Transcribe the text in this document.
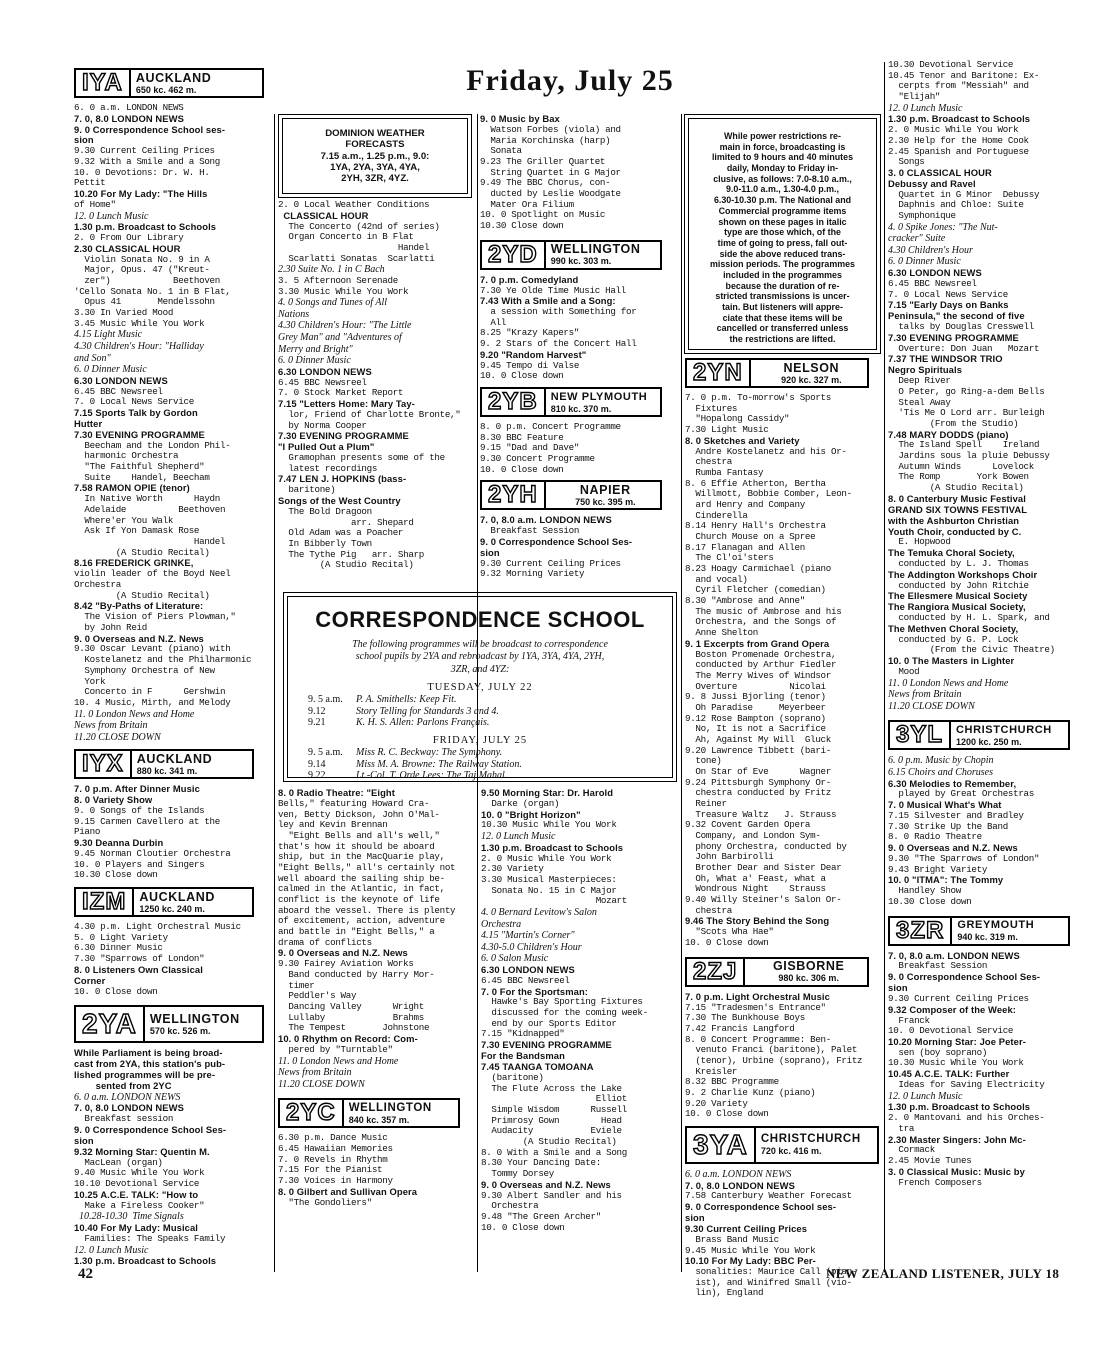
Friday, July 25
IYA	AUCKLAND
650 kc. 462 m.
6. 0 a.m. LONDON NEWS
7. 0, 8.0 LONDON NEWS
9. 0 Correspondence School ses-
sion
9.30 Current Ceiling Prices
9.32 With a Smile and a Song
10. 0 Devotions: Dr. W. H.
Pettit
10.20 For My Lady: "The Hills
of Home"
12. 0 Lunch Music
1.30 p.m. Broadcast to Schools
2. 0 From Our Library
2.30 CLASSICAL HOUR
Violin Sonata No. 9 in A
Major, Opus. 47 ("Kreut-
zer")            Beethoven
'Cello Sonata No. 1 in B Flat,
Opus 41       Mendelssohn
3.30 In Varied Mood
3.45 Music While You Work
4.15 Light Music
4.30 Children's Hour: "Halliday
and Son"
6. 0 Dinner Music
6.30 LONDON NEWS
6.45 BBC Newsreel
7. 0 Local News Service
7.15 Sports Talk by Gordon
Hutter
7.30 EVENING PROGRAMME
Beecham and the London Phil-
harmonic Orchestra
"The Faithful Shepherd"
Suite    Handel, Beecham
7.58 RAMON OPIE (tenor)
In Native Worth      Haydn
Adelaide          Beethoven
Where'er You Walk
Ask If Yon Damask Rose
Handel
(A Studio Recital)
8.16 FREDERICK GRINKE,
violin leader of the Boyd Neel
Orchestra
(A Studio Recital)
8.42 "By-Paths of Literature:
The Vision of Piers Plowman,"
by John Reid
9. 0 Overseas and N.Z. News
9.30 Oscar Levant (piano) with
Kostelanetz and the Philharmonic
Symphony Orchestra of New
York
Concerto in F      Gershwin
10. 4 Music, Mirth, and Melody
11. 0 London News and Home
News from Britain
11.20 CLOSE DOWN
IYX	AUCKLAND
880 kc. 341 m.
7. 0 p.m. After Dinner Music
8. 0 Variety Show
9. 0 Songs of the Islands
9.15 Carmen Cavellero at the
Piano
9.30 Deanna Durbin
9.45 Norman Cloutier Orchestra
10. 0 Players and Singers
10.30 Close down
IZM	AUCKLAND
1250 kc. 240 m.
4.30 p.m. Light Orchestral Music
5. 0 Light Variety
6.30 Dinner Music
7.30 "Sparrows of London"
8. 0 Listeners Own Classical
Corner
10. 0 Close down
2YA	WELLINGTON
570 kc. 526 m.
While Parliament is being broad-
cast from 2YA, this station's pub-
lished programmes will be pre-
sented from 2YC
6. 0 a.m. LONDON NEWS
7. 0, 8.0 LONDON NEWS
Breakfast session
9. 0 Correspondence School Ses-
sion
9.32 Morning Star: Quentin M.
MacLean (organ)
9.40 Music While You Work
10.10 Devotional Service
10.25 A.C.E. TALK: "How to
Make a Fireless Cooker"
10.28-10.30  Time Signals
10.40 For My Lady: Musical
Families: The Speaks Family
12. 0 Lunch Music
1.30 p.m. Broadcast to Schools
DOMINION WEATHER
FORECASTS
7.15 a.m., 1.25 p.m., 9.0:
1YA, 2YA, 3YA, 4YA,
2YH, 3ZR, 4YZ.
2. 0 Local Weather Conditions
CLASSICAL HOUR
The Concerto (42nd of series)
Organ Concerto in B Flat
Handel
Scarlatti Sonatas  Scarlatti
2.30 Suite No. 1 in C Bach
3. 5 Afternoon Serenade
3.30 Music While You Work
4. 0 Songs and Tunes of All
Nations
4.30 Children's Hour: "The Little
Grey Man" and "Adventures of
Merry and Bright"
6. 0 Dinner Music
6.30 LONDON NEWS
6.45 BBC Newsreel
7. 0 Stock Market Report
7.15 "Letters Home: Mary Tay-
lor, Friend of Charlotte Bronte,"
by Norma Cooper
7.30 EVENING PROGRAMME
"I Pulled Out a Plum"
Gramophan presents some of the
latest recordings
7.47 LEN J. HOPKINS (bass-
baritone)
Songs of the West Country
The Bold Dragoon
arr. Shepard
Old Adam was a Poacher
In Bibberly Town
The Tythe Pig   arr. Sharp
(A Studio Recital)
9. 0 Music by Bax
Watson Forbes (viola) and
Maria Korchinska (harp)
Sonata
9.23 The Griller Quartet
String Quartet in G Major
9.49 The BBC Chorus, con-
ducted by Leslie Woodgate
Mater Ora Filium
10. 0 Spotlight on Music
10.30 Close down
2YD	WELLINGTON
990 kc. 303 m.
7. 0 p.m. Comedyland
7.30 Ye Olde Time Music Hall
7.43 With a Smile and a Song:
a session with Something for
All
8.25 "Krazy Kapers"
9. 2 Stars of the Concert Hall
9.20 "Random Harvest"
9.45 Tempo di Valse
10. 0 Close down
2YB	NEW PLYMOUTH
810 kc. 370 m.
8. 0 p.m. Concert Programme
8.30 BBC Feature
9.15 "Dad and Dave"
9.30 Concert Programme
10. 0 Close down
2YH	NAPIER
750 kc. 395 m.
7. 0, 8.0 a.m. LONDON NEWS
Breakfast Session
9. 0 Correspondence School Ses-
sion
9.30 Current Ceiling Prices
9.32 Morning Variety
While power restrictions re-
main in force, broadcasting is
limited to 9 hours and 40 minutes
daily, Monday to Friday in-
clusive, as follows: 7.0-8.10 a.m.,
9.0-11.0 a.m., 1.30-4.0 p.m.,
6.30-10.30 p.m. The National and
Commercial programme items
shown on these pages in italic
type are those which, of the
time of going to press, fall out-
side the above reduced trans-
mission periods. The programmes
included in the programmes
because the duration of re-
stricted transmissions is uncer-
tain. But listeners will appre-
ciate that these items will be
cancelled or transferred unless
the restrictions are lifted.
2YN	NELSON
920 kc. 327 m.
7. 0 p.m. To-morrow's Sports
Fixtures
"Hopalong Cassidy"
7.30 Light Music
8. 0 Sketches and Variety
Andre Kostelanetz and his Or-
chestra
Rumba Fantasy
8. 6 Effie Atherton, Bertha
Willmott, Bobbie Comber, Leon-
ard Henry and Company
Cinderella
8.14 Henry Hall's Orchestra
Church Mouse on a Spree
8.17 Flanagan and Allen
The Cl'oi'sters
8.23 Hoagy Carmichael (piano
and vocal)
Cyril Fletcher (comedian)
8.30 "Ambrose and Anne"
The music of Ambrose and his
Orchestra, and the Songs of
Anne Shelton
9. 1 Excerpts from Grand Opera
Boston Promenade Orchestra,
conducted by Arthur Fiedler
The Merry Wives of Windsor
Overture          Nicolai
9. 8 Jussi Bjorling (tenor)
Oh Paradise     Meyerbeer
9.12 Rose Bampton (soprano)
No, It is not a Sacrifice
Ah, Against My Will  Gluck
9.20 Lawrence Tibbett (bari-
tone)
On Star of Eve      Wagner
9.24 Pittsburgh Symphony Or-
chestra conducted by Fritz
Reiner
Treasure Waltz   J. Strauss
9.32 Covent Garden Opera
Company, and London Sym-
phony Orchestra, conducted by
John Barbirolli
Brother Dear and Sister Dear
Oh, What a' Feast, what a
Wondrous Night    Strauss
9.40 Willy Steiner's Salon Or-
chestra
9.46 The Story Behind the Song
"Scots Wha Hae"
10. 0 Close down
2ZJ	GISBORNE
980 kc. 306 m.
7. 0 p.m. Light Orchestral Music
7.15 "Tradesmen's Entrance"
7.30 The Bunkhouse Boys
7.42 Francis Langford
8. 0 Concert Programme: Ben-
venuto Franci (baritone), Palet
(tenor), Urbine (soprano), Fritz
Kreisler
8.32 BBC Programme
9. 2 Charlie Kunz (piano)
9.20 Variety
10. 0 Close down
3YA	CHRISTCHURCH
720 kc. 416 m.
6. 0 a.m. LONDON NEWS
7. 0, 8.0 LONDON NEWS
7.58 Canterbury Weather Forecast
9. 0 Correspondence School ses-
sion
9.30 Current Ceiling Prices
Brass Band Music
9.45 Music While You Work
10.10 For My Lady: BBC Per-
sonalities: Maurice Call (pian-
ist), and Winifred Small (vio-
lin), England
10.30 Devotional Service
10.45 Tenor and Baritone: Ex-
cerpts from "Messiah" and
"Elijah"
12. 0 Lunch Music
1.30 p.m. Broadcast to Schools
2. 0 Music While You Work
2.30 Help for the Home Cook
2.45 Spanish and Portuguese
Songs
3. 0 CLASSICAL HOUR
Debussy and Ravel
Quartet in G Minor  Debussy
Daphnis and Chloe: Suite
Symphonique
4. 0 Spike Jones: "The Nut-
cracker" Suite
4.30 Children's Hour
6. 0 Dinner Music
6.30 LONDON NEWS
6.45 BBC Newsreel
7. 0 Local News Service
7.15 "Early Days on Banks
Peninsula," the second of five
talks by Douglas Cresswell
7.30 EVENING PROGRAMME
Overture: Don Juan   Mozart
7.37 THE WINDSOR TRIO
Negro Spirituals
Deep River
O Peter, go Ring-a-dem Bells
Steal Away
'Tis Me O Lord arr. Burleigh
(From the Studio)
7.48 MARY DODDS (piano)
The Island Spell    Ireland
Jardins sous la pluie Debussy
Autumn Winds      Lovelock
The Romp       York Bowen
(A Studio Recital)
8. 0 Canterbury Music Festival
GRAND SIX TOWNS FESTIVAL
with the Ashburton Christian
Youth Choir, conducted by C.
E. Hopwood
The Temuka Choral Society,
conducted by L. J. Thomas
The Addington Workshops Choir
conducted by John Ritchie
The Ellesmere Musical Society
The Rangiora Musical Society,
conducted by H. L. Spark, and
The Methven Choral Society,
conducted by G. P. Lock
(From the Civic Theatre)
10. 0 The Masters in Lighter
Mood
11. 0 London News and Home
News from Britain
11.20 CLOSE DOWN
3YL	CHRISTCHURCH
1200 kc. 250 m.
6. 0 p.m. Music by Chopin
6.15 Choirs and Choruses
6.30 Melodies to Remember,
played by Great Orchestras
7. 0 Musical What's What
7.15 Silvester and Bradley
7.30 Strike Up the Band
8. 0 Radio Theatre
9. 0 Overseas and N.Z. News
9.30 "The Sparrows of London"
9.43 Bright Variety
10. 0 "ITMA": The Tommy
Handley Show
10.30 Close down
3ZR	GREYMOUTH
940 kc. 319 m.
7. 0, 8.0 a.m. LONDON NEWS
Breakfast Session
9. 0 Correspondence School Ses-
sion
9.30 Current Ceiling Prices
9.32 Composer of the Week:
Franck
10. 0 Devotional Service
10.20 Morning Star: Joe Peter-
sen (boy soprano)
10.30 Music While You Work
10.45 A.C.E. TALK: Further
Ideas for Saving Electricity
12. 0 Lunch Music
1.30 p.m. Broadcast to Schools
2. 0 Mantovani and his Orches-
tra
2.30 Master Singers: John Mc-
Cormack
2.45 Movie Tunes
3. 0 Classical Music: Music by
French Composers
CORRESPONDENCE SCHOOL
The following programmes will be broadcast to correspondence
school pupils by 2YA and rebroadcast by 1YA, 3YA, 4YA, 2YH,
3ZR, and 4YZ:
TUESDAY, JULY 22
9. 5 a.m. P. A. Smithells: Keep Fit.
9.12	Story Telling for Standards 3 and 4.
9.21	K. H. S. Allen: Parlons Français.
FRIDAY, JULY 25
9. 5 a.m. Miss R. C. Beckway: The Symphony.
9.14	Miss M. A. Browne: The Railway Station.
9.22	Lt.-Col. T. Orde Lees: The Taj Mahal.
8. 0 Radio Theatre: "Eight
Bells," featuring Howard Cra-
ven, Betty Dickson, John O'Mal-
ley and Kevin Brennan
"Eight Bells and all's well,"
that's how it should be aboard
ship, but in the MacQuarie play,
"Eight Bells," all's certainly not
well aboard the sailing ship be-
calmed in the Atlantic, in fact,
conflict is the keynote of life
aboard the vessel. There is plenty
of excitement, action, adventure
and battle in "Eight Bells," a
drama of conflicts
9. 0 Overseas and N.Z. News
9.30 Fairey Aviation Works
Band conducted by Harry Mor-
timer
Peddler's Way
Dancing Valley      Wright
Lullaby             Brahms
The Tempest       Johnstone
10. 0 Rhythm on Record: Com-
pered by "Turntable"
11. 0 London News and Home
News from Britain
11.20 CLOSE DOWN
2YC	WELLINGTON
840 kc. 357 m.
6.30 p.m. Dance Music
6.45 Hawaiian Memories
7. 0 Revels in Rhythm
7.15 For the Pianist
7.30 Voices in Harmony
8. 0 Gilbert and Sullivan Opera
"The Gondoliers"
9.50 Morning Star: Dr. Harold
Darke (organ)
10. 0 "Bright Horizon"
10.30 Music While You Work
12. 0 Lunch Music
1.30 p.m. Broadcast to Schools
2. 0 Music While You Work
2.30 Variety
3.30 Musical Masterpieces:
Sonata No. 15 in C Major
Mozart
4. 0 Bernard Levitow's Salon
Orchestra
4.15 "Martin's Corner"
4.30-5.0 Children's Hour
6. 0 Salon Music
6.30 LONDON NEWS
6.45 BBC Newsreel
7. 0 For the Sportsman:
Hawke's Bay Sporting Fixtures
discussed for the coming week-
end by our Sports Editor
7.15 "Kidnapped"
7.30 EVENING PROGRAMME
For the Bandsman
7.45 TAANGA TOMOANA
(baritone)
The Flute Across the Lake
Elliot
Simple Wisdom      Russell
Primrosy Gown        Head
Audacity           Eviele
(A Studio Recital)
8. 0 With a Smile and a Song
8.30 Your Dancing Date:
Tommy Dorsey
9. 0 Overseas and N.Z. News
9.30 Albert Sandler and his
Orchestra
9.48 "The Green Archer"
10. 0 Close down
42	NEW ZEALAND LISTENER, JULY 18
